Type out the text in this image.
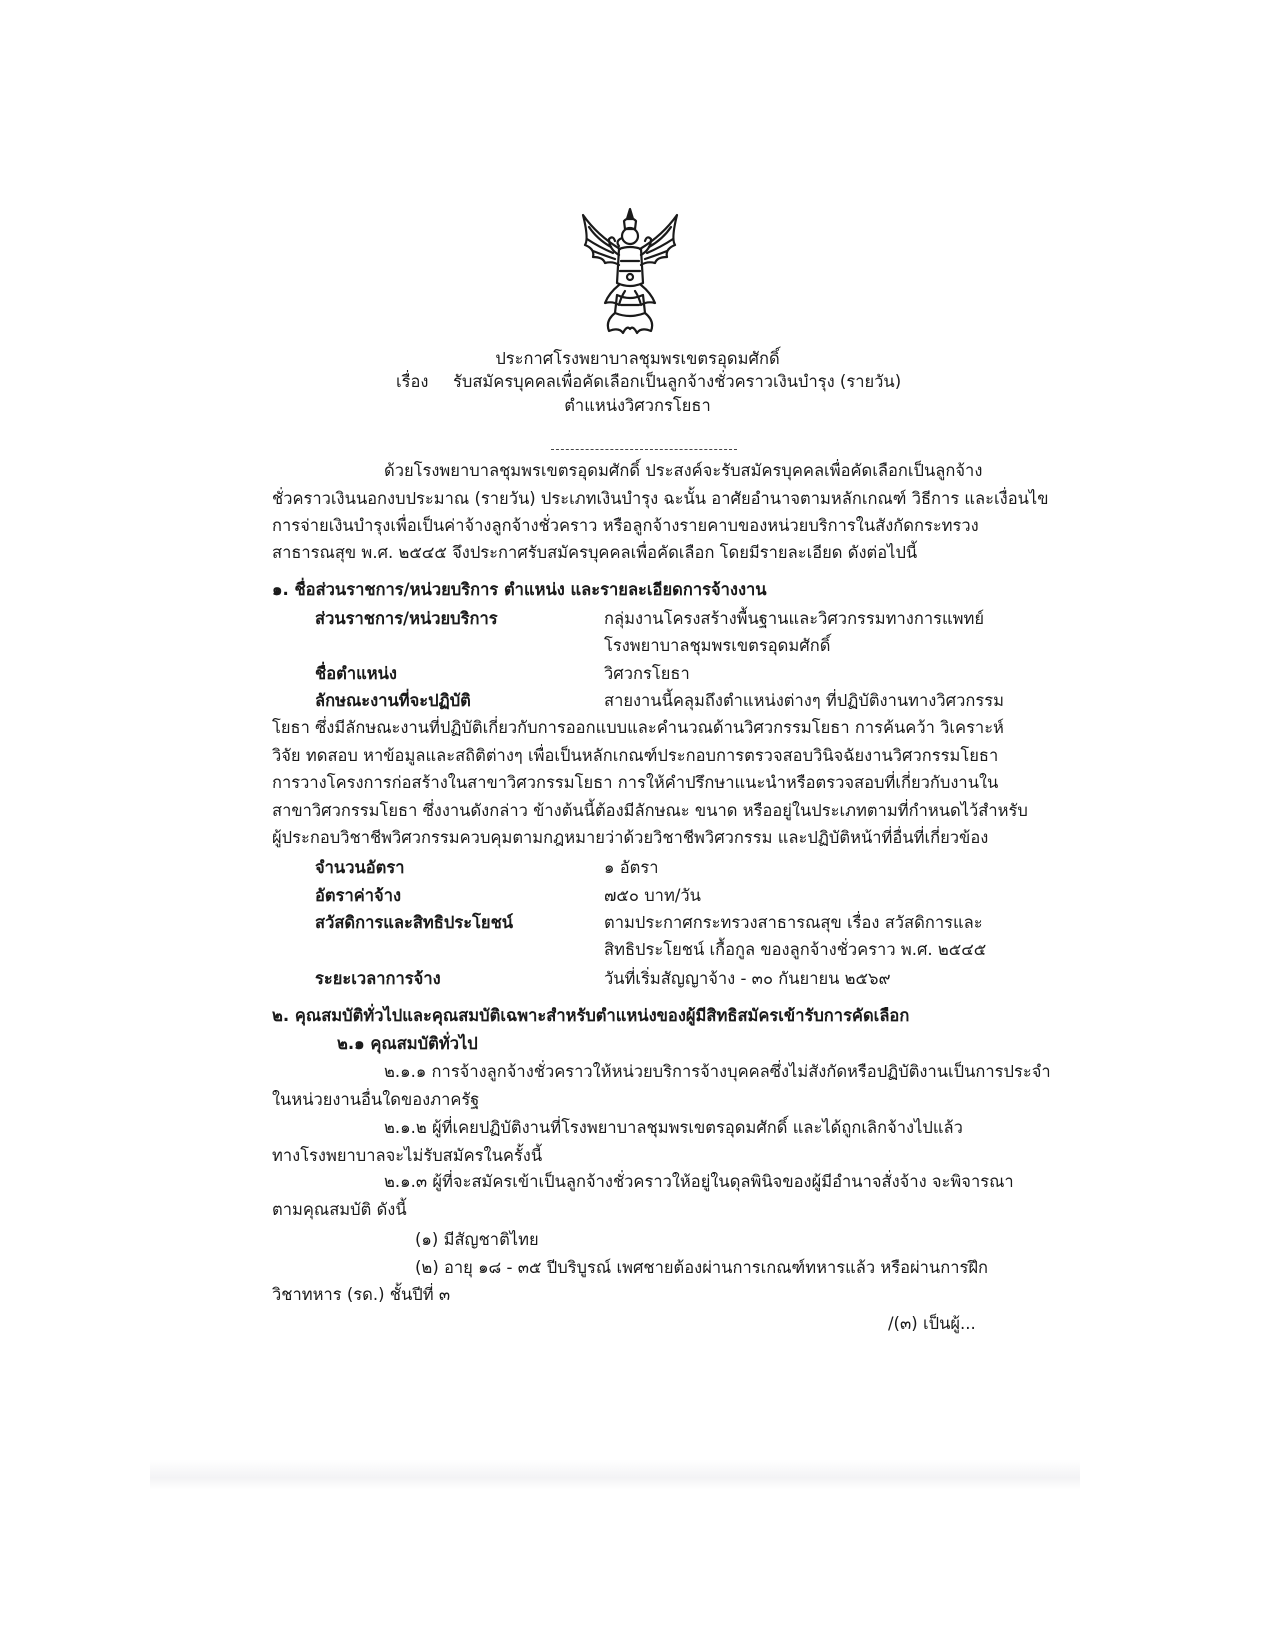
ประกาศโรงพยาบาลชุมพรเขตรอุดมศักดิ์
เรื่อง รับสมัครบุคคลเพื่อคัดเลือกเป็นลูกจ้างชั่วคราวเงินบำรุง (รายวัน)
ตำแหน่งวิศวกรโยธา
ด้วยโรงพยาบาลชุมพรเขตรอุดมศักดิ์ ประสงค์จะรับสมัครบุคคลเพื่อคัดเลือกเป็นลูกจ้าง
ชั่วคราวเงินนอกงบประมาณ (รายวัน) ประเภทเงินบำรุง ฉะนั้น อาศัยอำนาจตามหลักเกณฑ์ วิธีการ และเงื่อนไข
การจ่ายเงินบำรุงเพื่อเป็นค่าจ้างลูกจ้างชั่วคราว หรือลูกจ้างรายคาบของหน่วยบริการในสังกัดกระทรวง
สาธารณสุข พ.ศ. ๒๕๔๕ จึงประกาศรับสมัครบุคคลเพื่อคัดเลือก โดยมีรายละเอียด ดังต่อไปนี้
๑. ชื่อส่วนราชการ/หน่วยบริการ ตำแหน่ง และรายละเอียดการจ้างงาน
ส่วนราชการ/หน่วยบริการ	กลุ่มงานโครงสร้างพื้นฐานและวิศวกรรมทางการแพทย์
โรงพยาบาลชุมพรเขตรอุดมศักดิ์
ชื่อตำแหน่ง	วิศวกรโยธา
ลักษณะงานที่จะปฏิบัติ	สายงานนี้คลุมถึงตำแหน่งต่างๆ ที่ปฏิบัติงานทางวิศวกรรม
โยธา ซึ่งมีลักษณะงานที่ปฏิบัติเกี่ยวกับการออกแบบและคำนวณด้านวิศวกรรมโยธา การค้นคว้า วิเคราะห์
วิจัย ทดสอบ หาข้อมูลและสถิติต่างๆ เพื่อเป็นหลักเกณฑ์ประกอบการตรวจสอบวินิจฉัยงานวิศวกรรมโยธา
การวางโครงการก่อสร้างในสาขาวิศวกรรมโยธา การให้คำปรึกษาแนะนำหรือตรวจสอบที่เกี่ยวกับงานใน
สาขาวิศวกรรมโยธา ซึ่งงานดังกล่าว ข้างต้นนี้ต้องมีลักษณะ ขนาด หรืออยู่ในประเภทตามที่กำหนดไว้สำหรับ
ผู้ประกอบวิชาชีพวิศวกรรมควบคุมตามกฎหมายว่าด้วยวิชาชีพวิศวกรรม และปฏิบัติหน้าที่อื่นที่เกี่ยวข้อง
จำนวนอัตรา	๑ อัตรา
อัตราค่าจ้าง	๗๕๐ บาท/วัน
สวัสดิการและสิทธิประโยชน์	ตามประกาศกระทรวงสาธารณสุข เรื่อง สวัสดิการและ
สิทธิประโยชน์ เกื้อกูล ของลูกจ้างชั่วคราว พ.ศ. ๒๕๔๕
ระยะเวลาการจ้าง	วันที่เริ่มสัญญาจ้าง - ๓๐ กันยายน ๒๕๖๙
๒. คุณสมบัติทั่วไปและคุณสมบัติเฉพาะสำหรับตำแหน่งของผู้มีสิทธิสมัครเข้ารับการคัดเลือก
๒.๑ คุณสมบัติทั่วไป
๒.๑.๑ การจ้างลูกจ้างชั่วคราวให้หน่วยบริการจ้างบุคคลซึ่งไม่สังกัดหรือปฏิบัติงานเป็นการประจำ
ในหน่วยงานอื่นใดของภาครัฐ
๒.๑.๒ ผู้ที่เคยปฏิบัติงานที่โรงพยาบาลชุมพรเขตรอุดมศักดิ์ และได้ถูกเลิกจ้างไปแล้ว
ทางโรงพยาบาลจะไม่รับสมัครในครั้งนี้
๒.๑.๓ ผู้ที่จะสมัครเข้าเป็นลูกจ้างชั่วคราวให้อยู่ในดุลพินิจของผู้มีอำนาจสั่งจ้าง จะพิจารณา
ตามคุณสมบัติ ดังนี้
(๑) มีสัญชาติไทย
(๒) อายุ ๑๘ - ๓๕ ปีบริบูรณ์ เพศชายต้องผ่านการเกณฑ์ทหารแล้ว หรือผ่านการฝึก
วิชาทหาร (รด.) ชั้นปีที่ ๓
/(๓) เป็นผู้...
